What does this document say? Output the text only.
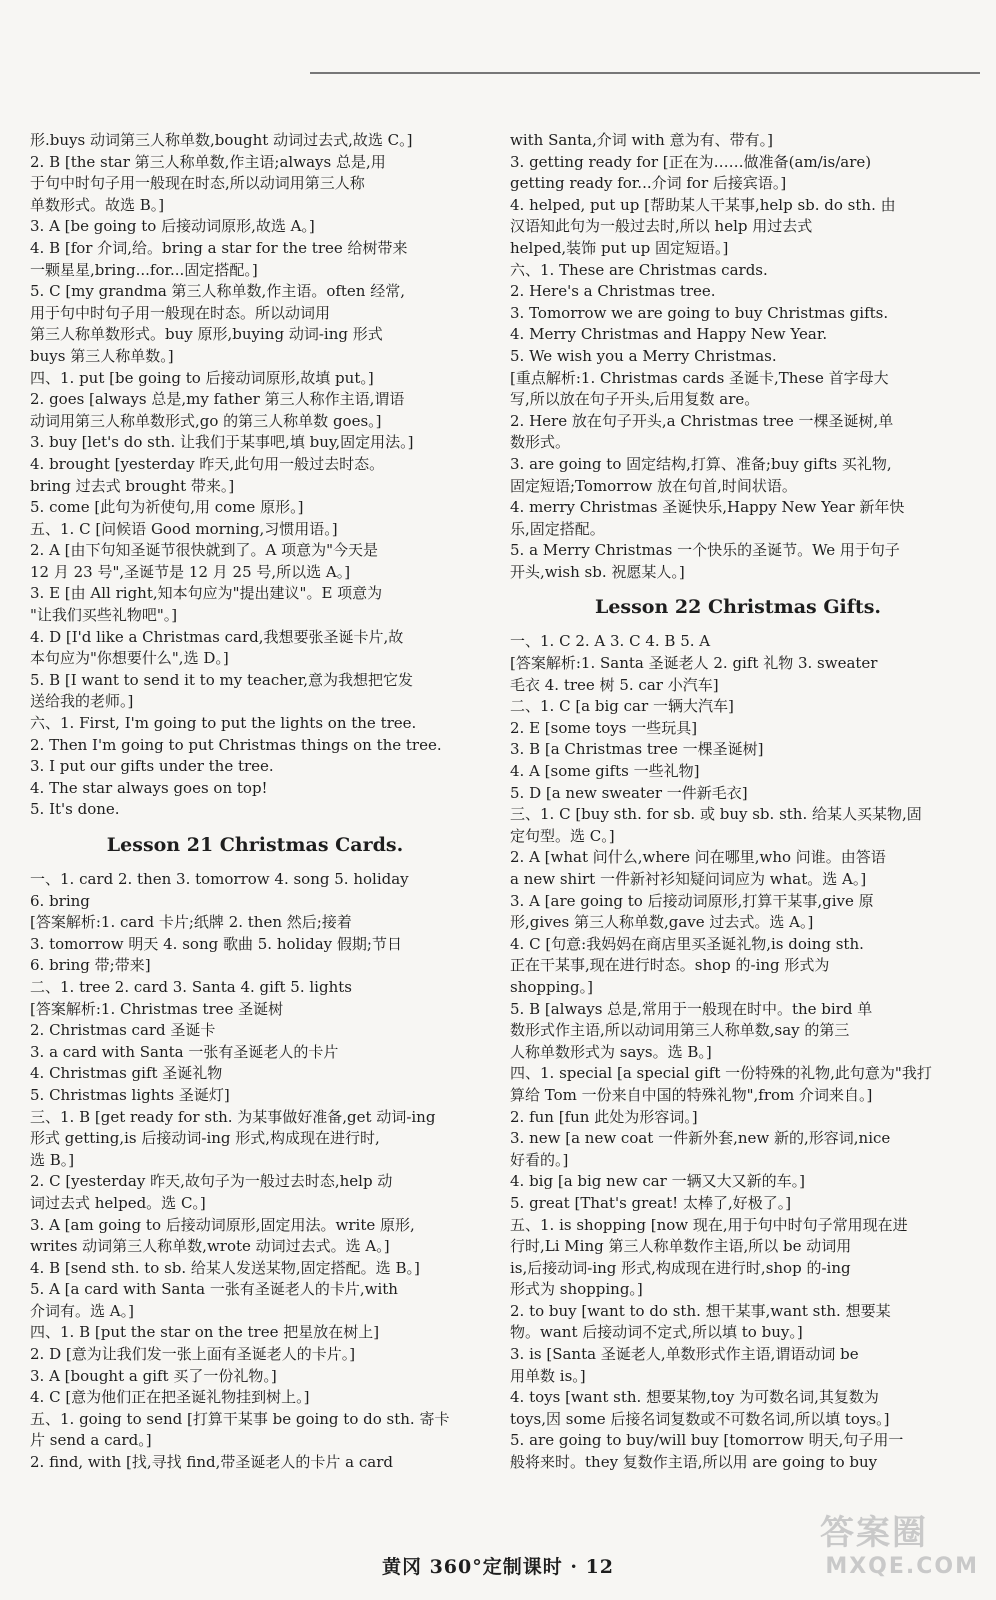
形.buys 动词第三人称单数,bought 动词过去式,故选 C。]
2. B [the star 第三人称单数,作主语;always 总是,用
于句中时句子用一般现在时态,所以动词用第三人称
单数形式。故选 B。]
3. A [be going to 后接动词原形,故选 A。]
4. B [for 介词,给。bring a star for the tree 给树带来
一颗星星,bring...for...固定搭配。]
5. C [my grandma 第三人称单数,作主语。often 经常,
用于句中时句子用一般现在时态。所以动词用
第三人称单数形式。buy 原形,buying 动词-ing 形式
buys 第三人称单数。]
四、1. put [be going to 后接动词原形,故填 put。]
2. goes [always 总是,my father 第三人称作主语,谓语
动词用第三人称单数形式,go 的第三人称单数 goes。]
3. buy [let's do sth. 让我们于某事吧,填 buy,固定用法。]
4. brought [yesterday 昨天,此句用一般过去时态。
bring 过去式 brought 带来。]
5. come [此句为祈使句,用 come 原形。]
五、1. C [问候语 Good morning,习惯用语。]
2. A [由下句知圣诞节很快就到了。A 项意为"今天是
12 月 23 号",圣诞节是 12 月 25 号,所以选 A。]
3. E [由 All right,知本句应为"提出建议"。E 项意为
"让我们买些礼物吧"。]
4. D [I'd like a Christmas card,我想要张圣诞卡片,故
本句应为"你想要什么",选 D。]
5. B [I want to send it to my teacher,意为我想把它发
送给我的老师。]
六、1. First, I'm going to put the lights on the tree.
2. Then I'm going to put Christmas things on the tree.
3. I put our gifts under the tree.
4. The star always goes on top!
5. It's done.
Lesson 21 Christmas Cards.
一、1. card 2. then 3. tomorrow 4. song 5. holiday
6. bring
[答案解析:1. card 卡片;纸牌 2. then 然后;接着
3. tomorrow 明天 4. song 歌曲 5. holiday 假期;节日
6. bring 带;带来]
二、1. tree 2. card 3. Santa 4. gift 5. lights
[答案解析:1. Christmas tree 圣诞树
2. Christmas card 圣诞卡
3. a card with Santa 一张有圣诞老人的卡片
4. Christmas gift 圣诞礼物
5. Christmas lights 圣诞灯]
三、1. B [get ready for sth. 为某事做好准备,get 动词-ing
形式 getting,is 后接动词-ing 形式,构成现在进行时,
选 B。]
2. C [yesterday 昨天,故句子为一般过去时态,help 动
词过去式 helped。选 C。]
3. A [am going to 后接动词原形,固定用法。write 原形,
writes 动词第三人称单数,wrote 动词过去式。选 A。]
4. B [send sth. to sb. 给某人发送某物,固定搭配。选 B。]
5. A [a card with Santa 一张有圣诞老人的卡片,with
介词有。选 A。]
四、1. B [put the star on the tree 把星放在树上]
2. D [意为让我们发一张上面有圣诞老人的卡片。]
3. A [bought a gift 买了一份礼物。]
4. C [意为他们正在把圣诞礼物挂到树上。]
五、1. going to send [打算干某事 be going to do sth. 寄卡
片 send a card。]
2. find, with [找,寻找 find,带圣诞老人的卡片 a card
with Santa,介词 with 意为有、带有。]
3. getting ready for [正在为……做准备(am/is/are)
getting ready for...介词 for 后接宾语。]
4. helped, put up [帮助某人干某事,help sb. do sth. 由
汉语知此句为一般过去时,所以 help 用过去式
helped,装饰 put up 固定短语。]
六、1. These are Christmas cards.
2. Here's a Christmas tree.
3. Tomorrow we are going to buy Christmas gifts.
4. Merry Christmas and Happy New Year.
5. We wish you a Merry Christmas.
[重点解析:1. Christmas cards 圣诞卡,These 首字母大
写,所以放在句子开头,后用复数 are。
2. Here 放在句子开头,a Christmas tree 一棵圣诞树,单
数形式。
3. are going to 固定结构,打算、准备;buy gifts 买礼物,
固定短语;Tomorrow 放在句首,时间状语。
4. merry Christmas 圣诞快乐,Happy New Year 新年快
乐,固定搭配。
5. a Merry Christmas 一个快乐的圣诞节。We 用于句子
开头,wish sb. 祝愿某人。]
Lesson 22 Christmas Gifts.
一、1. C 2. A 3. C 4. B 5. A
[答案解析:1. Santa 圣诞老人 2. gift 礼物 3. sweater
毛衣 4. tree 树 5. car 小汽车]
二、1. C [a big car 一辆大汽车]
2. E [some toys 一些玩具]
3. B [a Christmas tree 一棵圣诞树]
4. A [some gifts 一些礼物]
5. D [a new sweater 一件新毛衣]
三、1. C [buy sth. for sb. 或 buy sb. sth. 给某人买某物,固
定句型。选 C。]
2. A [what 问什么,where 问在哪里,who 问谁。由答语
a new shirt 一件新衬衫知疑问词应为 what。选 A。]
3. A [are going to 后接动词原形,打算干某事,give 原
形,gives 第三人称单数,gave 过去式。选 A。]
4. C [句意:我妈妈在商店里买圣诞礼物,is doing sth.
正在干某事,现在进行时态。shop 的-ing 形式为
shopping。]
5. B [always 总是,常用于一般现在时中。the bird 单
数形式作主语,所以动词用第三人称单数,say 的第三
人称单数形式为 says。选 B。]
四、1. special [a special gift 一份特殊的礼物,此句意为"我打
算给 Tom 一份来自中国的特殊礼物",from 介词来自。]
2. fun [fun 此处为形容词。]
3. new [a new coat 一件新外套,new 新的,形容词,nice
好看的。]
4. big [a big new car 一辆又大又新的车。]
5. great [That's great! 太棒了,好极了。]
五、1. is shopping [now 现在,用于句中时句子常用现在进
行时,Li Ming 第三人称单数作主语,所以 be 动词用
is,后接动词-ing 形式,构成现在进行时,shop 的-ing
形式为 shopping。]
2. to buy [want to do sth. 想干某事,want sth. 想要某
物。want 后接动词不定式,所以填 to buy。]
3. is [Santa 圣诞老人,单数形式作主语,谓语动词 be
用单数 is。]
4. toys [want sth. 想要某物,toy 为可数名词,其复数为
toys,因 some 后接名词复数或不可数名词,所以填 toys。]
5. are going to buy/will buy [tomorrow 明天,句子用一
般将来时。they 复数作主语,所以用 are going to buy
黄冈 360°定制课时 · 12
答案圈
MXQE.COM
